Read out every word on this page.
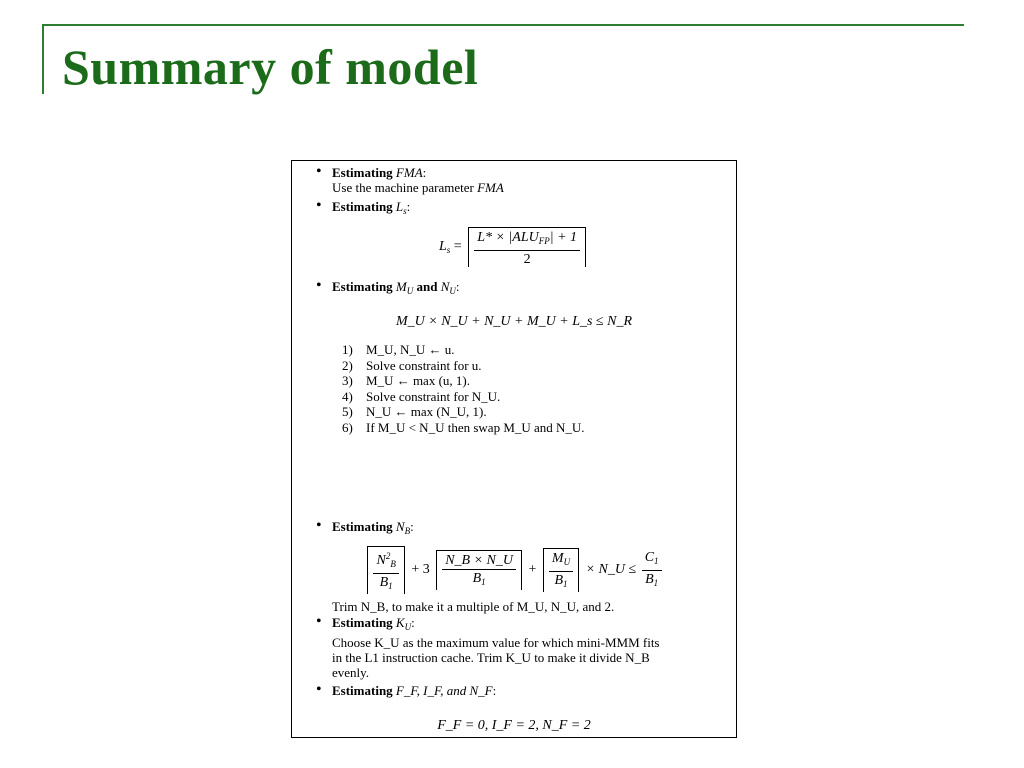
Summary of model
• Estimating FMA:
Use the machine parameter FMA
• Estimating $L_s$:
$L_s = \frac{L* \times |ALU_{FP}| + 1}{2}$
• Estimating $M_U$ and $N_U$:
M_U × N_U + N_U + M_U + L_s ≤ N_R
1)	M_U, N_U ← u.
2)	Solve constraint for u.
3)	M_U ← max (u, 1).
4)	Solve constraint for N_U.
5)	N_U ← max (N_U, 1).
6)	If M_U < N_U then swap M_U and N_U.
• Estimating $N_B$:
$\frac{N^2_B}{B_1} + 3 \frac{N\_B \times N\_U}{B_1} + \frac{M_U}{B_1}$ × N_U ≤ $\frac{C_1}{B_1}$
Trim N_B, to make it a multiple of M_U, N_U, and 2.
• Estimating $K_U$:
Choose K_U as the maximum value for which mini-MMM fits
in the L1 instruction cache. Trim K_U to make it divide N_B
evenly.
• Estimating F_F, I_F, and N_F:
F_F = 0, I_F = 2, N_F = 2
